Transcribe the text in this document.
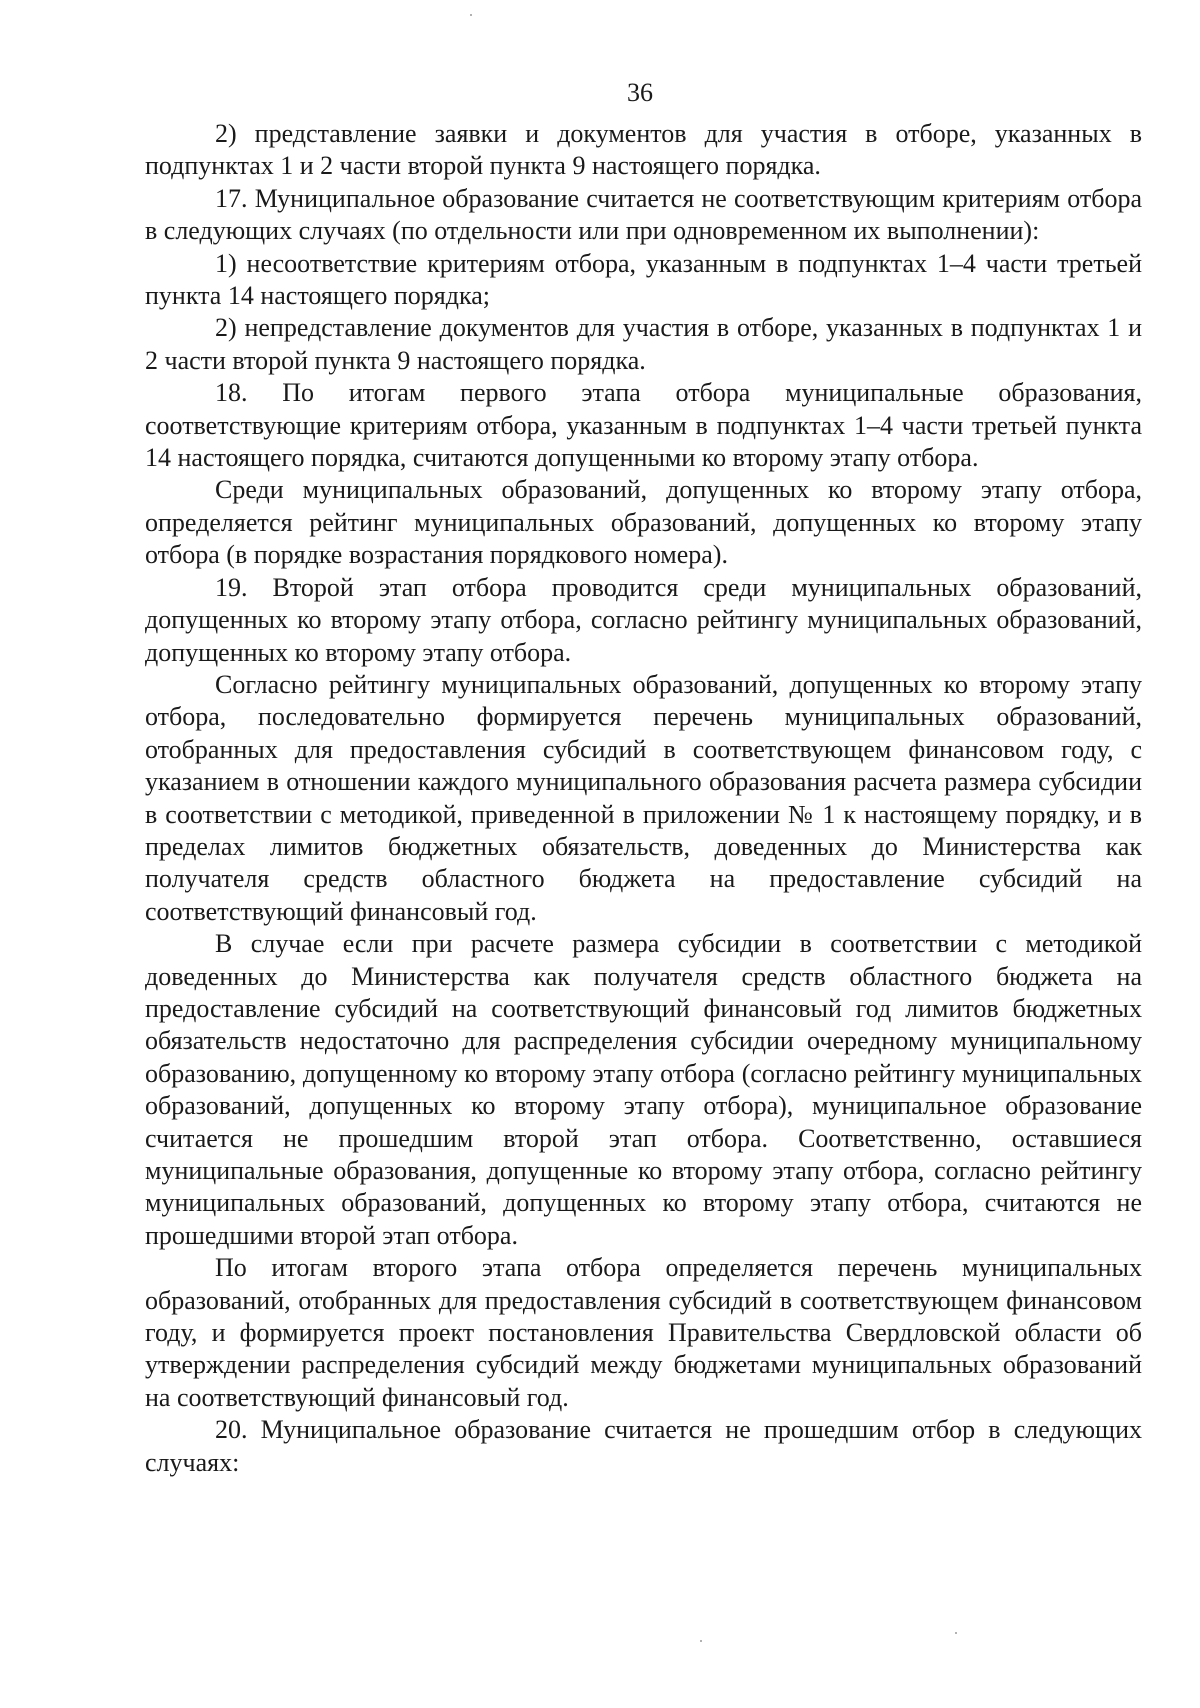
36

2) представление заявки и документов для участия в отборе, указанных в подпунктах 1 и 2 части второй пункта 9 настоящего порядка.

17. Муниципальное образование считается не соответствующим критериям отбора в следующих случаях (по отдельности или при одновременном их выполнении):

1) несоответствие критериям отбора, указанным в подпунктах 1–4 части третьей пункта 14 настоящего порядка;

2) непредставление документов для участия в отборе, указанных в подпунктах 1 и 2 части второй пункта 9 настоящего порядка.

18. По итогам первого этапа отбора муниципальные образования, соответствующие критериям отбора, указанным в подпунктах 1–4 части третьей пункта 14 настоящего порядка, считаются допущенными ко второму этапу отбора.

Среди муниципальных образований, допущенных ко второму этапу отбора, определяется рейтинг муниципальных образований, допущенных ко второму этапу отбора (в порядке возрастания порядкового номера).

19. Второй этап отбора проводится среди муниципальных образований, допущенных ко второму этапу отбора, согласно рейтингу муниципальных образований, допущенных ко второму этапу отбора.

Согласно рейтингу муниципальных образований, допущенных ко второму этапу отбора, последовательно формируется перечень муниципальных образований, отобранных для предоставления субсидий в соответствующем финансовом году, с указанием в отношении каждого муниципального образования расчета размера субсидии в соответствии с методикой, приведенной в приложении № 1 к настоящему порядку, и в пределах лимитов бюджетных обязательств, доведенных до Министерства как получателя средств областного бюджета на предоставление субсидий на соответствующий финансовый год.

В случае если при расчете размера субсидии в соответствии с методикой доведенных до Министерства как получателя средств областного бюджета на предоставление субсидий на соответствующий финансовый год лимитов бюджетных обязательств недостаточно для распределения субсидии очередному муниципальному образованию, допущенному ко второму этапу отбора (согласно рейтингу муниципальных образований, допущенных ко второму этапу отбора), муниципальное образование считается не прошедшим второй этап отбора. Соответственно, оставшиеся муниципальные образования, допущенные ко второму этапу отбора, согласно рейтингу муниципальных образований, допущенных ко второму этапу отбора, считаются не прошедшими второй этап отбора.

По итогам второго этапа отбора определяется перечень муниципальных образований, отобранных для предоставления субсидий в соответствующем финансовом году, и формируется проект постановления Правительства Свердловской области об утверждении распределения субсидий между бюджетами муниципальных образований на соответствующий финансовый год.

20. Муниципальное образование считается не прошедшим отбор в следующих случаях:
